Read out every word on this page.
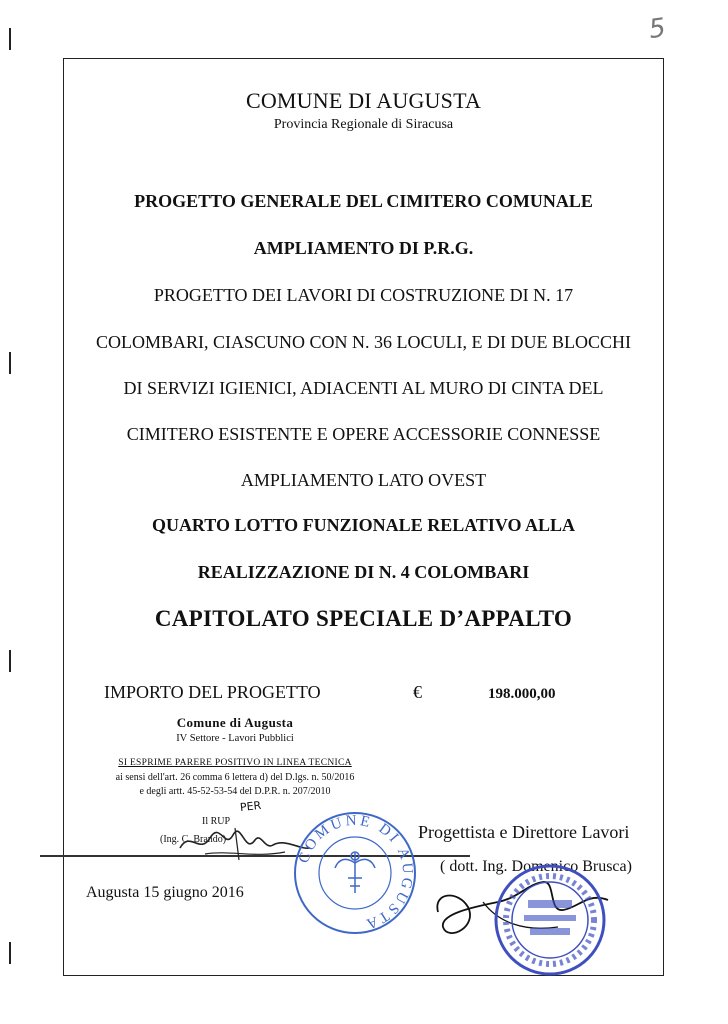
5
COMUNE DI AUGUSTA
Provincia Regionale di Siracusa
PROGETTO GENERALE DEL CIMITERO COMUNALE
AMPLIAMENTO DI P.R.G.
PROGETTO DEI LAVORI DI COSTRUZIONE DI N. 17
COLOMBARI, CIASCUNO CON N. 36 LOCULI, E DI DUE BLOCCHI
DI SERVIZI IGIENICI, ADIACENTI AL MURO DI CINTA DEL
CIMITERO ESISTENTE E OPERE ACCESSORIE CONNESSE
AMPLIAMENTO LATO OVEST
QUARTO LOTTO FUNZIONALE RELATIVO ALLA
REALIZZAZIONE DI N. 4 COLOMBARI
CAPITOLATO SPECIALE D’APPALTO
IMPORTO DEL PROGETTO	€	198.000,00
Comune di Augusta
IV Settore - Lavori Pubblici
SI ESPRIME PARERE POSITIVO IN LINEA TECNICA
ai sensi dell'art. 26 comma 6 lettera d) del D.lgs. n. 50/2016
e degli artt. 45-52-53-54 del D.P.R. n. 207/2010
PER
Il RUP
(Ing. C. Brando)
COMUNE DI AUGUSTA
Progettista e Direttore Lavori
( dott. Ing. Domenico Brusca)
Augusta 15 giugno 2016
